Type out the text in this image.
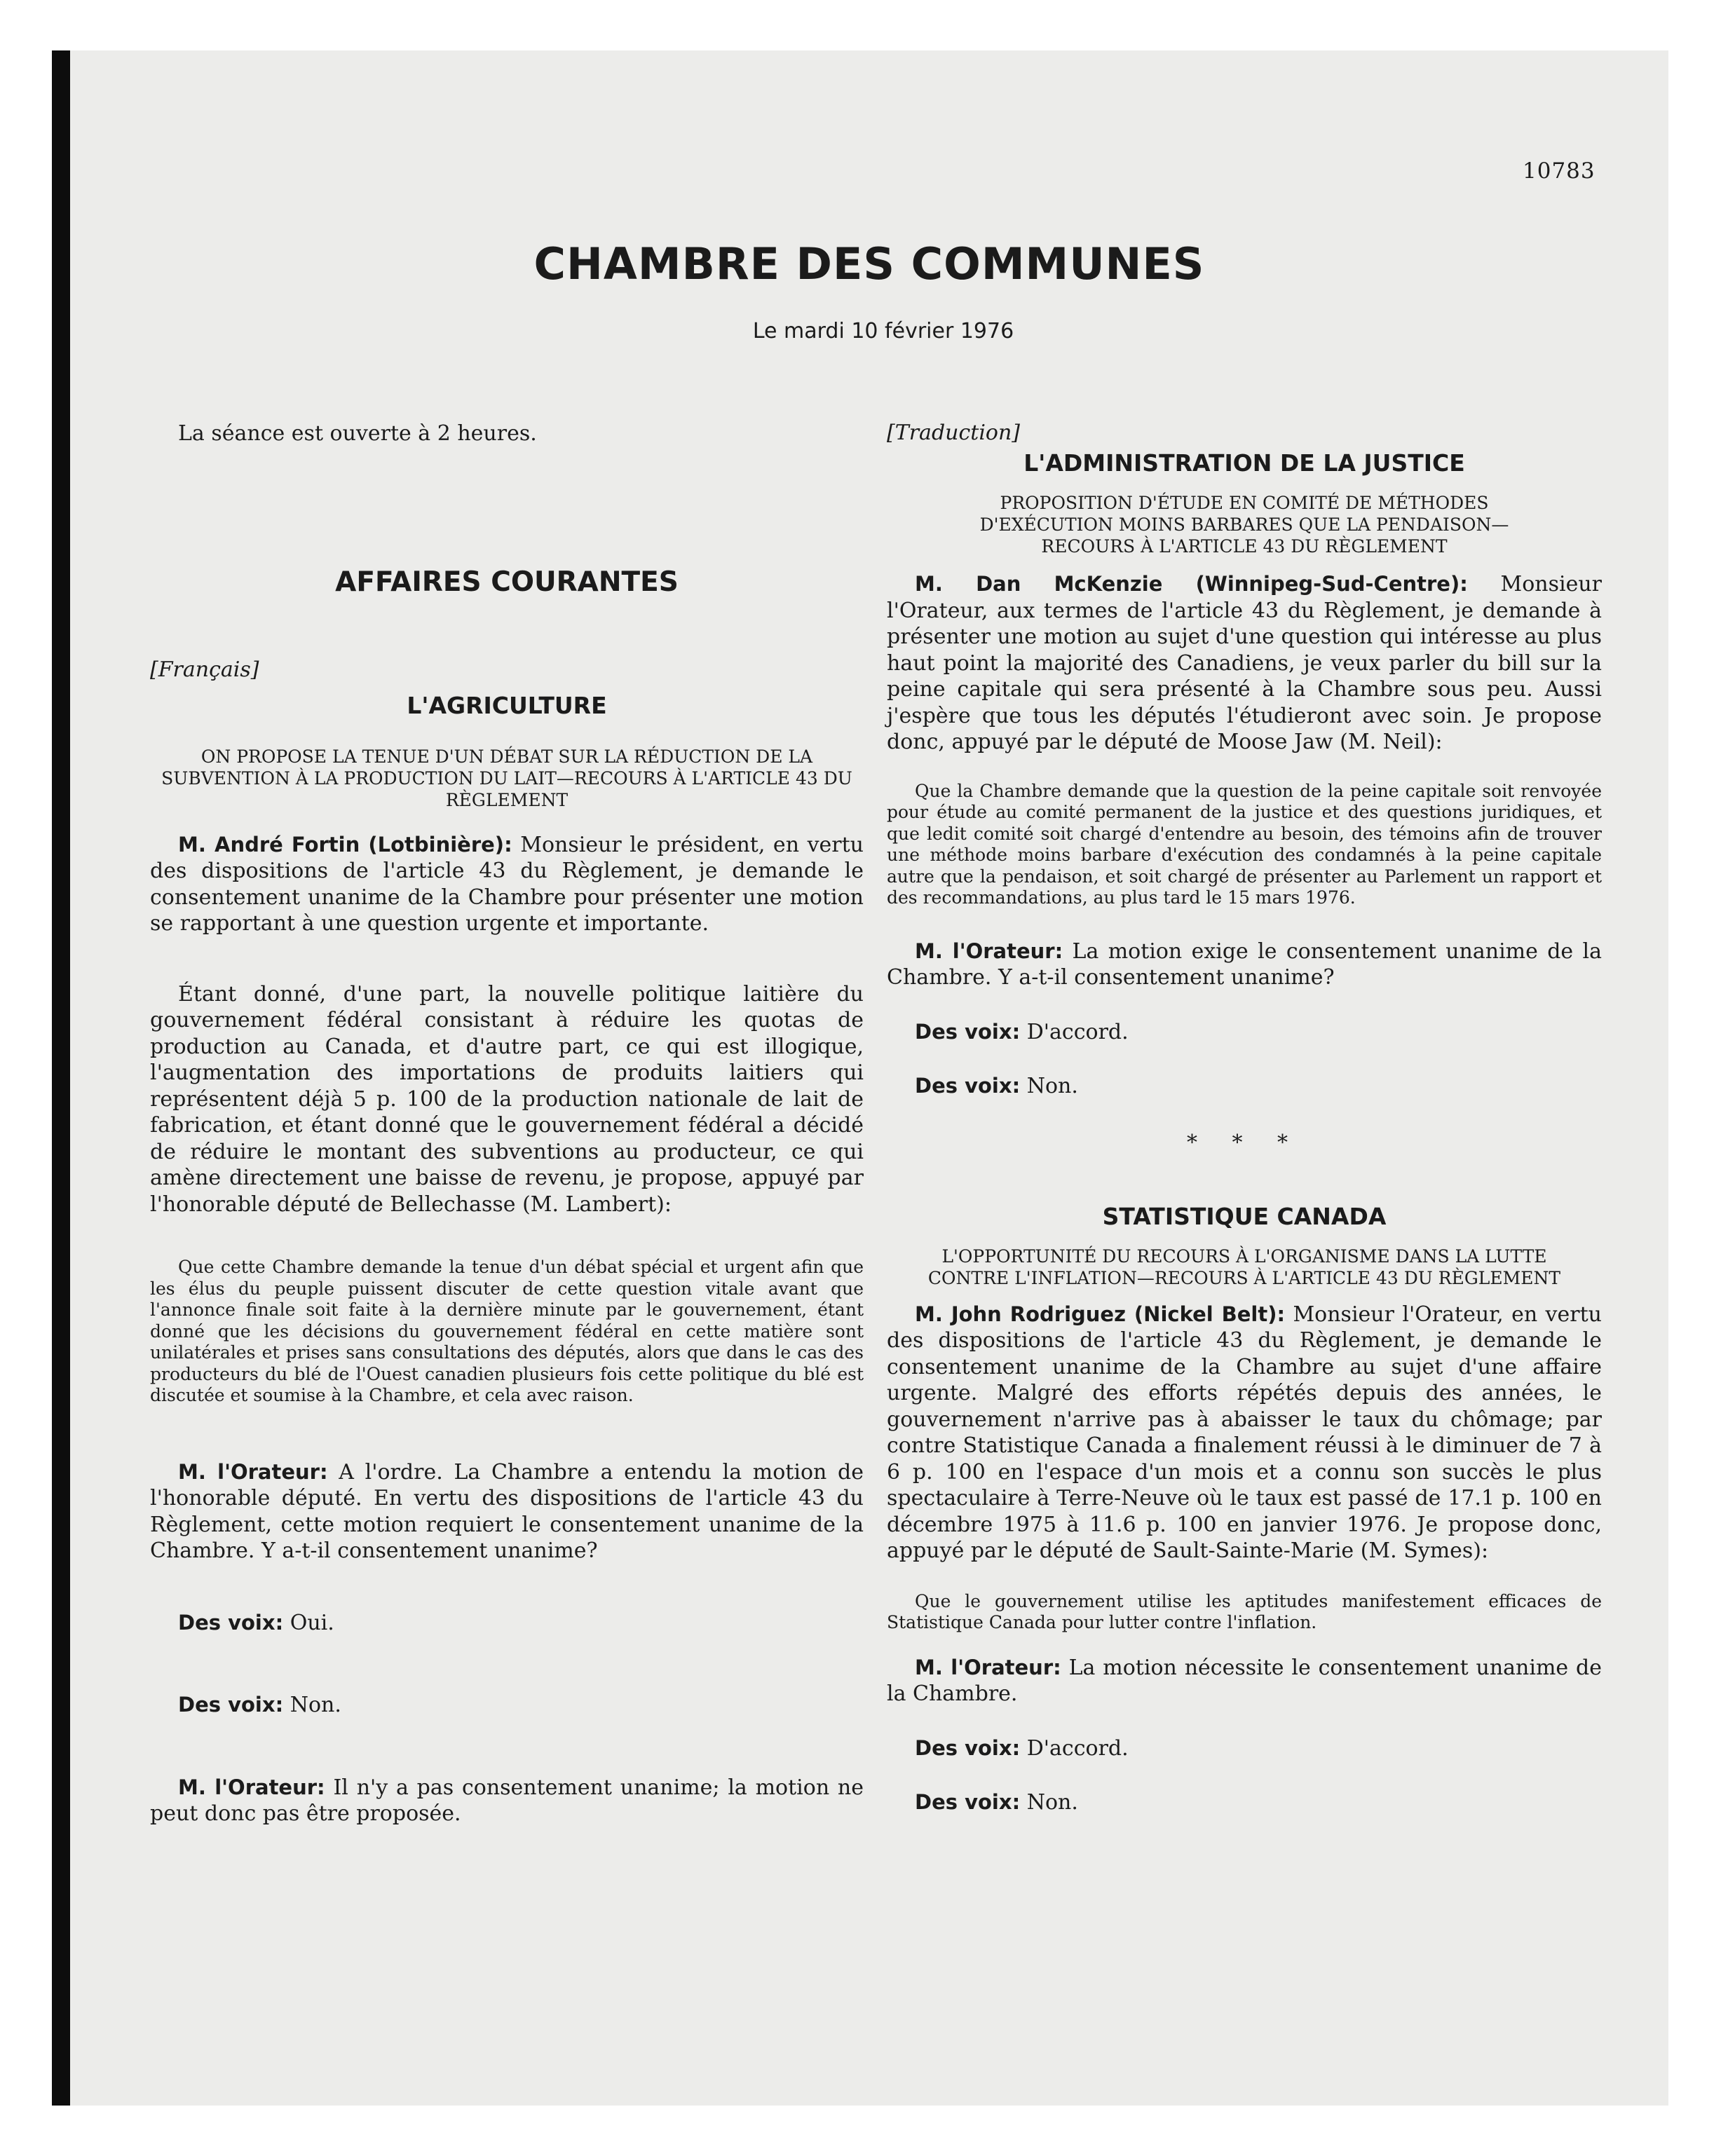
10783
CHAMBRE DES COMMUNES
Le mardi 10 février 1976

La séance est ouverte à 2 heures.

AFFAIRES COURANTES

[Français]

L'AGRICULTURE

ON PROPOSE LA TENUE D'UN DÉBAT SUR LA RÉDUCTION DE LA SUBVENTION À LA PRODUCTION DU LAIT—RECOURS À L'ARTICLE 43 DU RÈGLEMENT

M. André Fortin (Lotbinière): Monsieur le président, en vertu des dispositions de l'article 43 du Règlement, je demande le consentement unanime de la Chambre pour présenter une motion se rapportant à une question urgente et importante.

Étant donné, d'une part, la nouvelle politique laitière du gouvernement fédéral consistant à réduire les quotas de production au Canada, et d'autre part, ce qui est illogique, l'augmentation des importations de produits laitiers qui représentent déjà 5 p. 100 de la production nationale de lait de fabrication, et étant donné que le gouvernement fédéral a décidé de réduire le montant des subventions au producteur, ce qui amène directement une baisse de revenu, je propose, appuyé par l'honorable député de Bellechasse (M. Lambert):

Que cette Chambre demande la tenue d'un débat spécial et urgent afin que les élus du peuple puissent discuter de cette question vitale avant que l'annonce finale soit faite à la dernière minute par le gouvernement, étant donné que les décisions du gouvernement fédéral en cette matière sont unilatérales et prises sans consultations des députés, alors que dans le cas des producteurs du blé de l'Ouest canadien plusieurs fois cette politique du blé est discutée et soumise à la Chambre, et cela avec raison.

M. l'Orateur: A l'ordre. La Chambre a entendu la motion de l'honorable député. En vertu des dispositions de l'article 43 du Règlement, cette motion requiert le consentement unanime de la Chambre. Y a-t-il consentement unanime?

Des voix: Oui.

Des voix: Non.

M. l'Orateur: Il n'y a pas consentement unanime; la motion ne peut donc pas être proposée.

[Traduction]

L'ADMINISTRATION DE LA JUSTICE

PROPOSITION D'ÉTUDE EN COMITÉ DE MÉTHODES D'EXÉCUTION MOINS BARBARES QUE LA PENDAISON—RECOURS À L'ARTICLE 43 DU RÈGLEMENT

M. Dan McKenzie (Winnipeg-Sud-Centre): Monsieur l'Orateur, aux termes de l'article 43 du Règlement, je demande à présenter une motion au sujet d'une question qui intéresse au plus haut point la majorité des Canadiens, je veux parler du bill sur la peine capitale qui sera présenté à la Chambre sous peu. Aussi j'espère que tous les députés l'étudieront avec soin. Je propose donc, appuyé par le député de Moose Jaw (M. Neil):

Que la Chambre demande que la question de la peine capitale soit renvoyée pour étude au comité permanent de la justice et des questions juridiques, et que ledit comité soit chargé d'entendre au besoin, des témoins afin de trouver une méthode moins barbare d'exécution des condamnés à la peine capitale autre que la pendaison, et soit chargé de présenter au Parlement un rapport et des recommandations, au plus tard le 15 mars 1976.

M. l'Orateur: La motion exige le consentement unanime de la Chambre. Y a-t-il consentement unanime?

Des voix: D'accord.

Des voix: Non.

* * *

STATISTIQUE CANADA

L'OPPORTUNITÉ DU RECOURS À L'ORGANISME DANS LA LUTTE CONTRE L'INFLATION—RECOURS À L'ARTICLE 43 DU RÈGLEMENT

M. John Rodriguez (Nickel Belt): Monsieur l'Orateur, en vertu des dispositions de l'article 43 du Règlement, je demande le consentement unanime de la Chambre au sujet d'une affaire urgente. Malgré des efforts répétés depuis des années, le gouvernement n'arrive pas à abaisser le taux du chômage; par contre Statistique Canada a finalement réussi à le diminuer de 7 à 6 p. 100 en l'espace d'un mois et a connu son succès le plus spectaculaire à Terre-Neuve où le taux est passé de 17.1 p. 100 en décembre 1975 à 11.6 p. 100 en janvier 1976. Je propose donc, appuyé par le député de Sault-Sainte-Marie (M. Symes):

Que le gouvernement utilise les aptitudes manifestement efficaces de Statistique Canada pour lutter contre l'inflation.

M. l'Orateur: La motion nécessite le consentement unanime de la Chambre.

Des voix: D'accord.

Des voix: Non.
